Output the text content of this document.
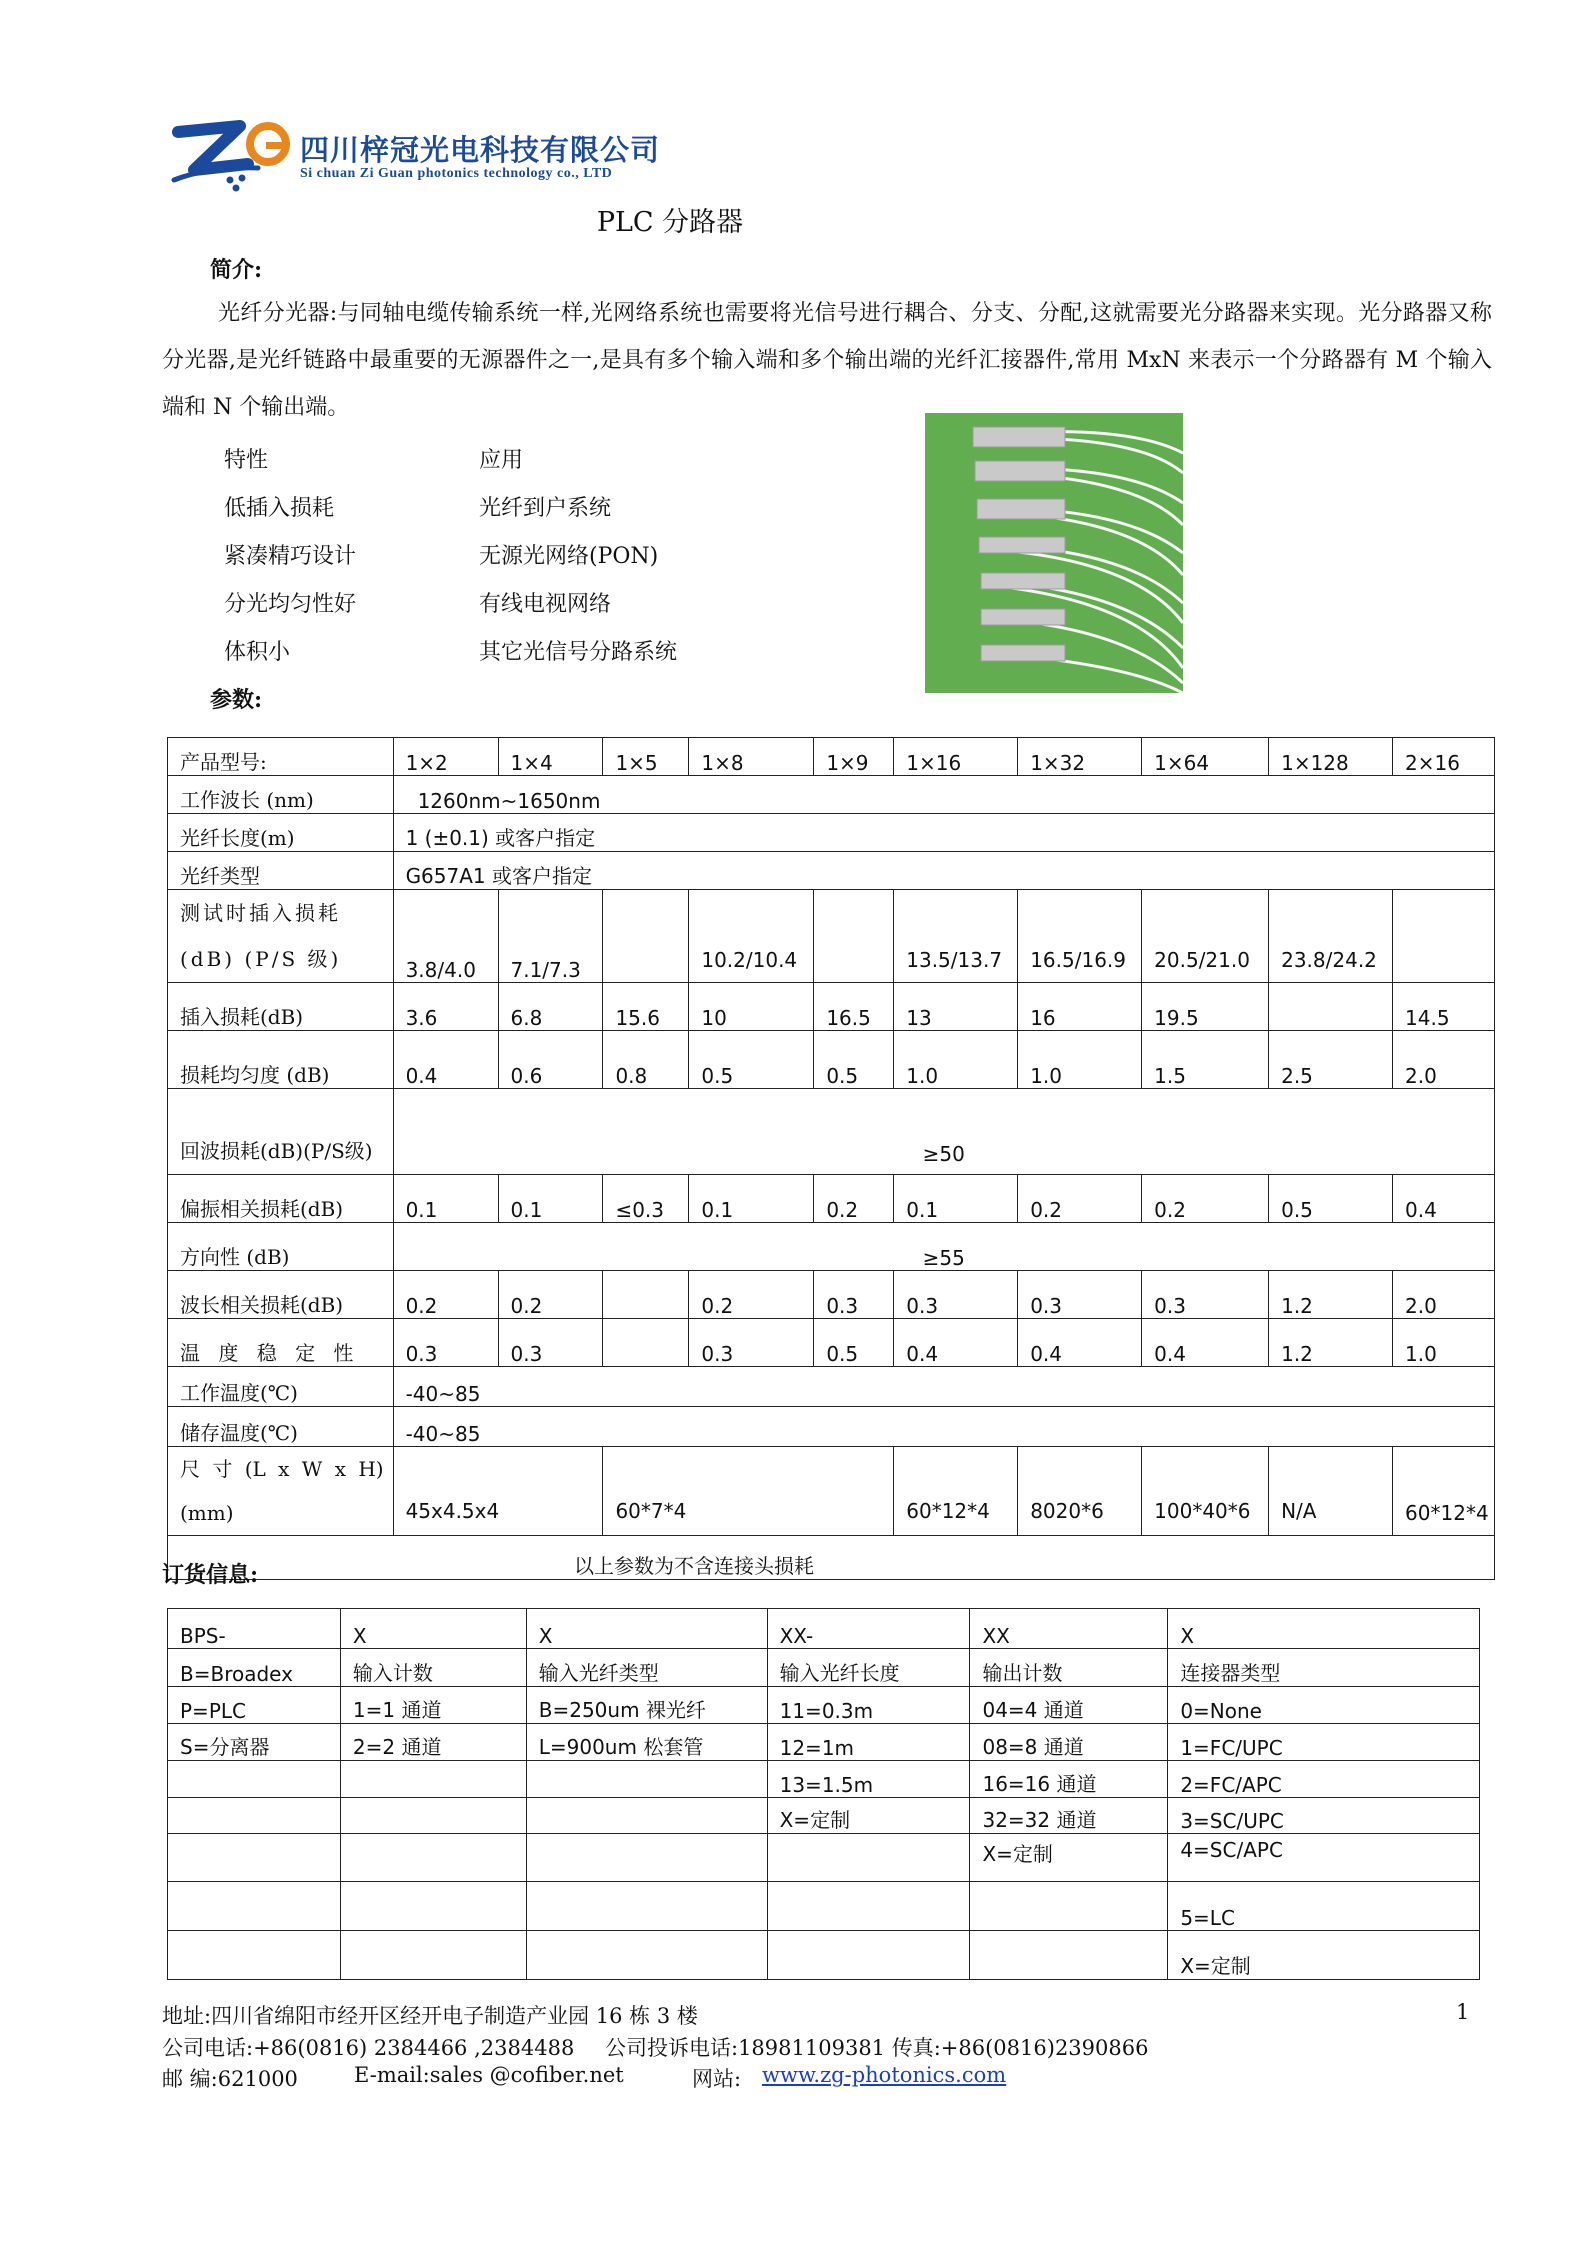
四川梓冠光电科技有限公司
Si chuan Zi Guan photonics technology co., LTD
PLC 分路器
简介:
光纤分光器:与同轴电缆传输系统一样,光网络系统也需要将光信号进行耦合、分支、分配,这就需要光分路器来实现。光分路器又称分光器,是光纤链路中最重要的无源器件之一,是具有多个输入端和多个输出端的光纤汇接器件,常用 MxN 来表示一个分路器有 M 个输入端和 N 个输出端。
特性	应用
低插入损耗	光纤到户系统
紧凑精巧设计	无源光网络(PON)
分光均匀性好	有线电视网络
体积小	其它光信号分路系统
参数:
产品型号:	1×2	1×4	1×5	1×8	1×9	1×16	1×32	1×64	1×128	2×16
工作波长 (nm)	1260nm~1650nm									
光纤长度(m)	1 (±0.1) 或客户指定									
光纤类型	G657A1 或客户指定									
测试时插入损耗
(dB) (P/S 级)	3.8/4.0	7.1/7.3		10.2/10.4		13.5/13.7	16.5/16.9	20.5/21.0	23.8/24.2	
插入损耗(dB)	3.6	6.8	15.6	10	16.5	13	16	19.5		14.5
损耗均匀度 (dB)	0.4	0.6	0.8	0.5	0.5	1.0	1.0	1.5	2.5	2.0
回波损耗(dB)(P/S级)	≥50									
偏振相关损耗(dB)	0.1	0.1	≤0.3	0.1	0.2	0.1	0.2	0.2	0.5	0.4
方向性 (dB)	≥55									
波长相关损耗(dB)	0.2	0.2		0.2	0.3	0.3	0.3	0.3	1.2	2.0
温 度 稳 定 性	0.3	0.3		0.3	0.5	0.4	0.4	0.4	1.2	1.0
工作温度(℃)	-40~85									
储存温度(℃)	-40~85									
尺 寸 (L x W x H)(mm)	45x4.5x4		60*7*4			60*12*4	8020*6	100*40*6	N/A	60*12*4
以上参数为不含连接头损耗										
订货信息:
BPS-	X	X	XX-	XX	X
B=Broadex	输入计数	输入光纤类型	输入光纤长度	输出计数	连接器类型
P=PLC	1=1 通道	B=250um 裸光纤	11=0.3m	04=4 通道	0=None
S=分离器	2=2 通道	L=900um 松套管	12=1m	08=8 通道	1=FC/UPC
			13=1.5m	16=16 通道	2=FC/APC
			X=定制	32=32 通道	3=SC/UPC
				X=定制	4=SC/APC
					5=LC
					X=定制
地址:四川省绵阳市经开区经开电子制造产业园 16 栋 3 楼	1
公司电话:+86(0816) 2384466 ,2384488 公司投诉电话:18981109381 传真:+86(0816)2390866
邮 编:621000	E-mail:sales @cofiber.net	网站: www.zg-photonics.com
